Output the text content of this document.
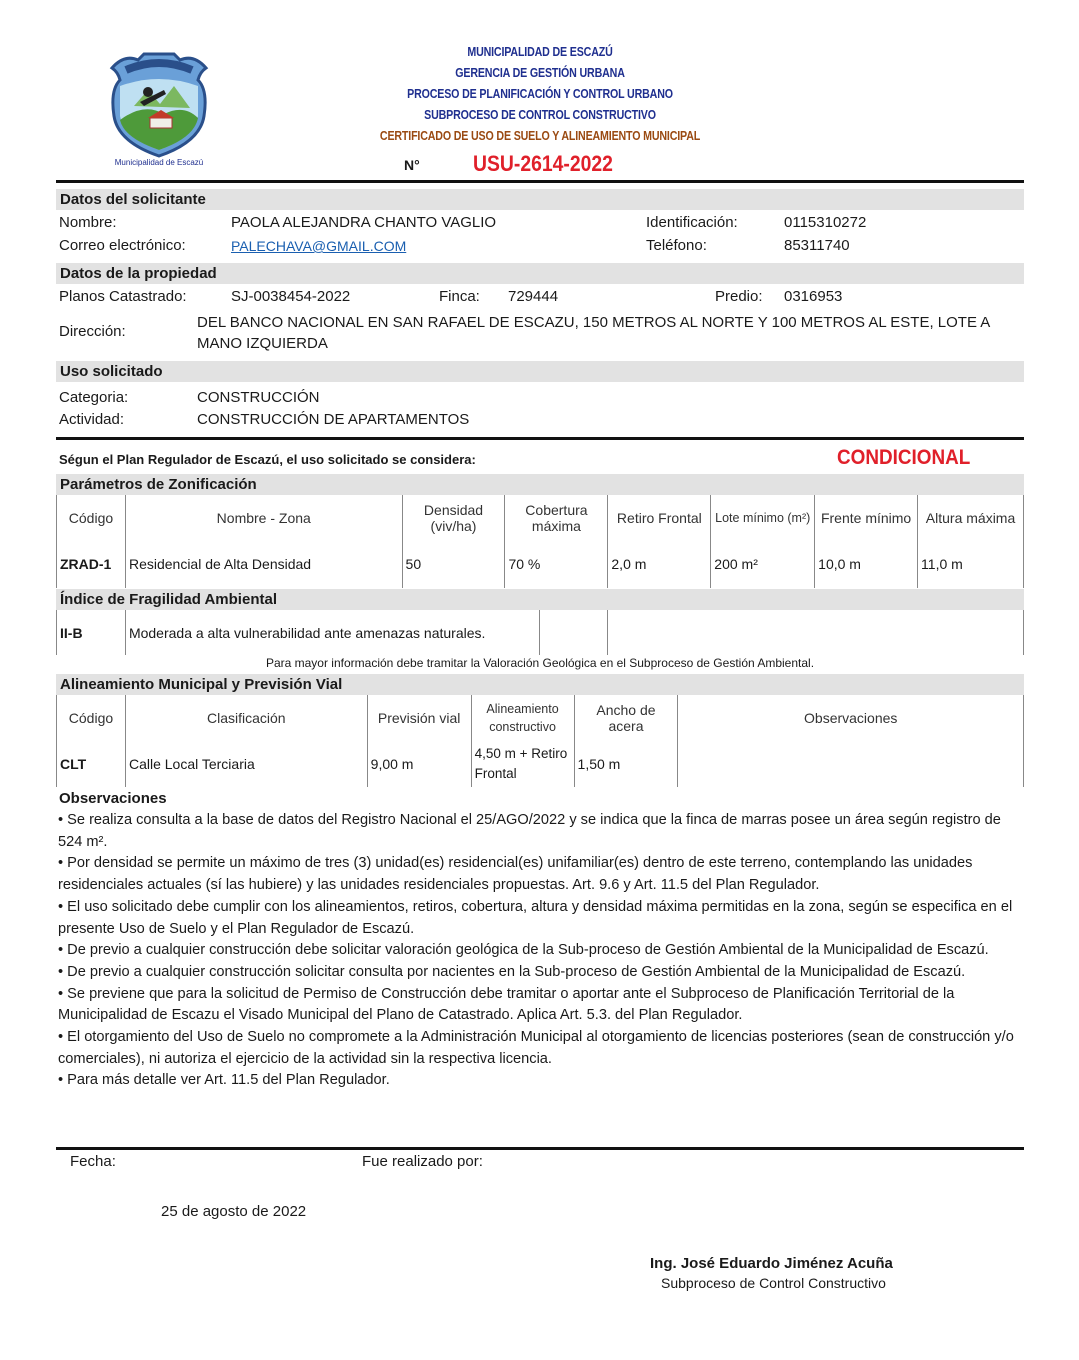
Municipalidad de Escazú
MUNICIPALIDAD DE ESCAZÚ
GERENCIA DE GESTIÓN URBANA
PROCESO DE PLANIFICACIÓN Y CONTROL URBANO
SUBPROCESO DE CONTROL CONSTRUCTIVO
CERTIFICADO DE USO DE SUELO Y ALINEAMIENTO MUNICIPAL
N° USU-2614-2022
Datos del solicitante
Nombre:	PAOLA ALEJANDRA CHANTO VAGLIO	Identificación:	0115310272
Correo electrónico:	PALECHAVA@GMAIL.COM	Teléfono:	85311740
Datos de la propiedad
Planos Catastrado:	SJ-0038454-2022	Finca: 729444	Predio: 0316953
Dirección:
DEL BANCO NACIONAL EN SAN RAFAEL DE ESCAZU, 150 METROS AL NORTE Y 100 METROS AL ESTE, LOTE A MANO IZQUIERDA
Uso solicitado
Categoria:	CONSTRUCCIÓN
Actividad:	CONSTRUCCIÓN DE APARTAMENTOS
Ségun el Plan Regulador de Escazú, el uso solicitado se considera:	CONDICIONAL
Parámetros de Zonificación
Código	Nombre - Zona	Densidad (viv/ha)	Cobertura máxima	Retiro Frontal	Lote mínimo (m²)	Frente mínimo	Altura máxima
ZRAD-1	Residencial de Alta Densidad	50	70 %	2,0 m	200 m²	10,0 m	11,0 m
Índice de Fragilidad Ambiental
II-B	Moderada a alta vulnerabilidad ante amenazas naturales.		
Para mayor información debe tramitar la Valoración Geológica en el Subproceso de Gestión Ambiental.
Alineamiento Municipal y Previsión Vial
Código	Clasificación	Previsión vial	Alineamiento constructivo	Ancho de acera	Observaciones
CLT	Calle Local Terciaria	9,00 m	4,50 m + Retiro Frontal	1,50 m	
Observaciones

• Se realiza consulta a la base de datos del Registro Nacional el 25/AGO/2022 y se indica que la finca de marras posee un área según registro de 524 m².

• Por densidad se permite un máximo de tres (3) unidad(es) residencial(es) unifamiliar(es) dentro de este terreno, contemplando las unidades residenciales actuales (sí las hubiere) y las unidades residenciales propuestas. Art. 9.6 y Art. 11.5 del Plan Regulador.

• El uso solicitado debe cumplir con los alineamientos, retiros, cobertura, altura y densidad máxima permitidas en la zona, según se especifica en el presente Uso de Suelo y el Plan Regulador de Escazú.

• De previo a cualquier construcción debe solicitar valoración geológica de la Sub-proceso de Gestión Ambiental de la Municipalidad de Escazú.

• De previo a cualquier construcción solicitar consulta por nacientes en la Sub-proceso de Gestión Ambiental de la Municipalidad de Escazú.

• Se previene que para la solicitud de Permiso de Construcción debe tramitar o aportar ante el Subproceso de Planificación Territorial de la Municipalidad de Escazu el Visado Municipal del Plano de Catastrado. Aplica Art. 5.3. del Plan Regulador.

• El otorgamiento del Uso de Suelo no compromete a la Administración Municipal al otorgamiento de licencias posteriores (sean de construcción y/o comerciales), ni autoriza el ejercicio de la actividad sin la respectiva licencia.

• Para más detalle ver Art. 11.5 del Plan Regulador.

Fecha:	Fue realizado por:
25 de agosto de 2022
Ing. José Eduardo Jiménez Acuña
Subproceso de Control Constructivo
